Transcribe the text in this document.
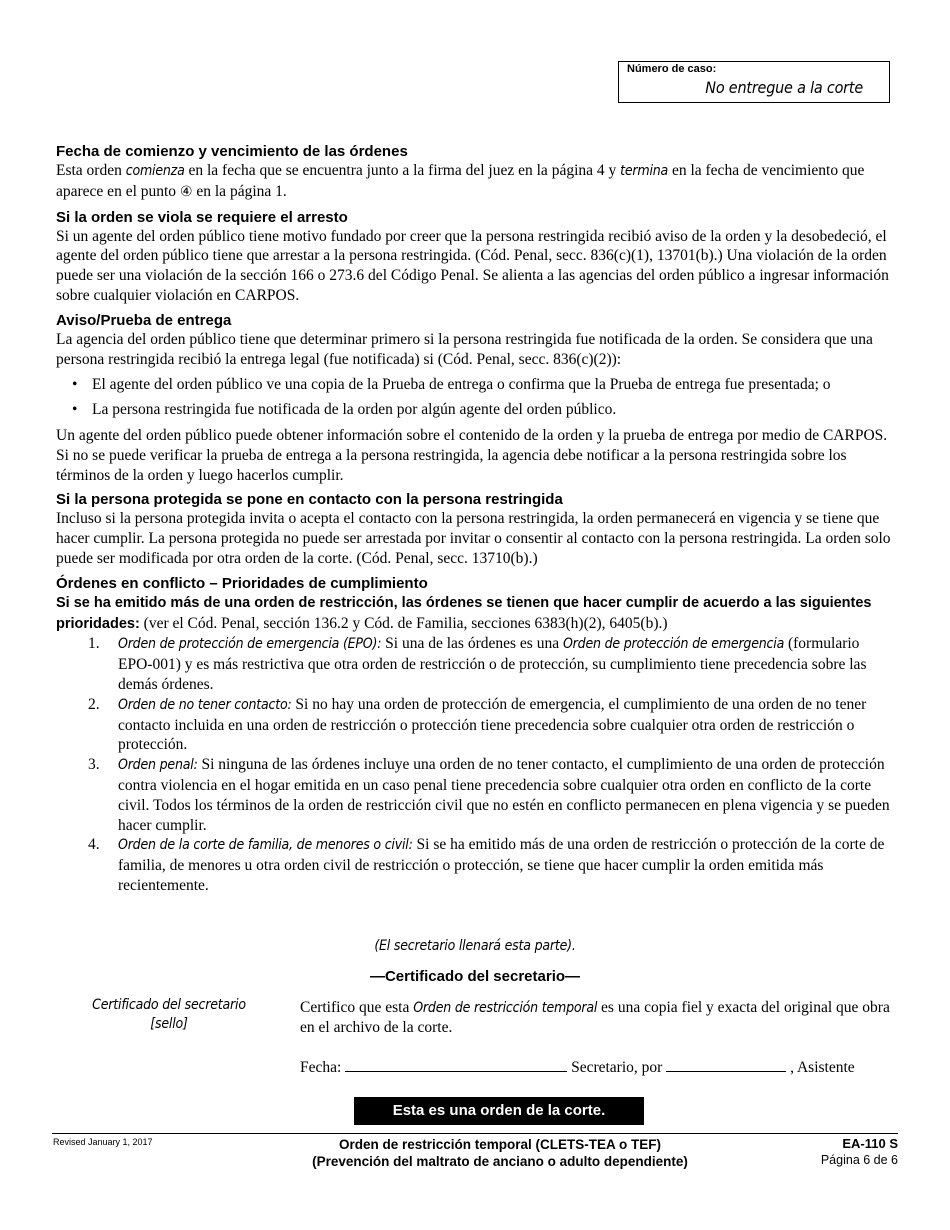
Número de caso:
No entregue a la corte
Fecha de comienzo y vencimiento de las órdenes

Esta orden comienza en la fecha que se encuentra junto a la firma del juez en la página 4 y termina en la fecha de vencimiento que aparece en el punto ④ en la página 1.

Si la orden se viola se requiere el arresto

Si un agente del orden público tiene motivo fundado por creer que la persona restringida recibió aviso de la orden y la desobedeció, el agente del orden público tiene que arrestar a la persona restringida. (Cód. Penal, secc. 836(c)(1), 13701(b).) Una violación de la orden puede ser una violación de la sección 166 o 273.6 del Código Penal. Se alienta a las agencias del orden público a ingresar información sobre cualquier violación en CARPOS.

Aviso/Prueba de entrega

La agencia del orden público tiene que determinar primero si la persona restringida fue notificada de la orden. Se considera que una persona restringida recibió la entrega legal (fue notificada) si (Cód. Penal, secc. 836(c)(2)):

• El agente del orden público ve una copia de la Prueba de entrega o confirma que la Prueba de entrega fue presentada; o
• La persona restringida fue notificada de la orden por algún agente del orden público.

Un agente del orden público puede obtener información sobre el contenido de la orden y la prueba de entrega por medio de CARPOS. Si no se puede verificar la prueba de entrega a la persona restringida, la agencia debe notificar a la persona restringida sobre los términos de la orden y luego hacerlos cumplir.

Si la persona protegida se pone en contacto con la persona restringida

Incluso si la persona protegida invita o acepta el contacto con la persona restringida, la orden permanecerá en vigencia y se tiene que hacer cumplir. La persona protegida no puede ser arrestada por invitar o consentir al contacto con la persona restringida. La orden solo puede ser modificada por otra orden de la corte. (Cód. Penal, secc. 13710(b).)

Órdenes en conflicto – Prioridades de cumplimiento

Si se ha emitido más de una orden de restricción, las órdenes se tienen que hacer cumplir de acuerdo a las siguientes prioridades: (ver el Cód. Penal, sección 136.2 y Cód. de Familia, secciones 6383(h)(2), 6405(b).)

1. Orden de protección de emergencia (EPO): Si una de las órdenes es una Orden de protección de emergencia (formulario EPO-001) y es más restrictiva que otra orden de restricción o de protección, su cumplimiento tiene precedencia sobre las demás órdenes.
2. Orden de no tener contacto: Si no hay una orden de protección de emergencia, el cumplimiento de una orden de no tener contacto incluida en una orden de restricción o protección tiene precedencia sobre cualquier otra orden de restricción o protección.
3. Orden penal: Si ninguna de las órdenes incluye una orden de no tener contacto, el cumplimiento de una orden de protección contra violencia en el hogar emitida en un caso penal tiene precedencia sobre cualquier otra orden en conflicto de la corte civil. Todos los términos de la orden de restricción civil que no estén en conflicto permanecen en plena vigencia y se pueden hacer cumplir.
4. Orden de la corte de familia, de menores o civil: Si se ha emitido más de una orden de restricción o protección de la corte de familia, de menores u otra orden civil de restricción o protección, se tiene que hacer cumplir la orden emitida más recientemente.
(El secretario llenará esta parte).
—Certificado del secretario—
Certificado del secretario
[sello]
Certifico que esta Orden de restricción temporal es una copia fiel y exacta del original que obra en el archivo de la corte.
Fecha:	Secretario, por	, Asistente
Esta es una orden de la corte.
Revised January 1, 2017	Orden de restricción temporal (CLETS-TEA o TEF)
(Prevención del maltrato de anciano o adulto dependiente)
EA-110 S
Página 6 de 6
